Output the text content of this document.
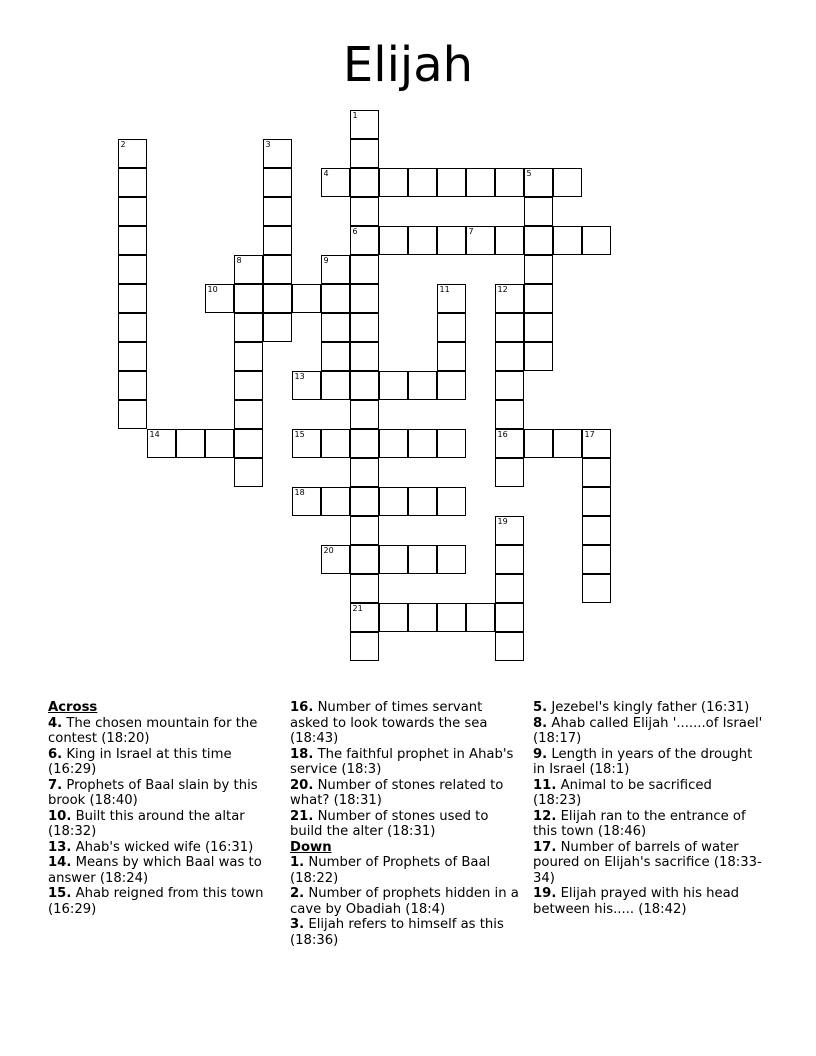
Elijah
1
2	3
4	5
6	7
8	9
10	11	12
13
14	15	16	17
18
19
20
21

Across

4. The chosen mountain for the contest (18:20)

6. King in Israel at this time (16:29)

7. Prophets of Baal slain by this brook (18:40)

10. Built this around the altar (18:32)

13. Ahab's wicked wife (16:31)

14. Means by which Baal was to answer (18:24)

15. Ahab reigned from this town (16:29)

16. Number of times servant asked to look towards the sea (18:43)

18. The faithful prophet in Ahab's service (18:3)

20. Number of stones related to what? (18:31)

21. Number of stones used to build the alter (18:31)

Down

1. Number of Prophets of Baal (18:22)

2. Number of prophets hidden in a cave by Obadiah (18:4)

3. Elijah refers to himself as this (18:36)

5. Jezebel's kingly father (16:31)

8. Ahab called Elijah '.......of Israel' (18:17)

9. Length in years of the drought in Israel (18:1)

11. Animal to be sacrificed (18:23)

12. Elijah ran to the entrance of this town (18:46)

17. Number of barrels of water poured on Elijah's sacrifice (18:33-34)

19. Elijah prayed with his head between his..... (18:42)
